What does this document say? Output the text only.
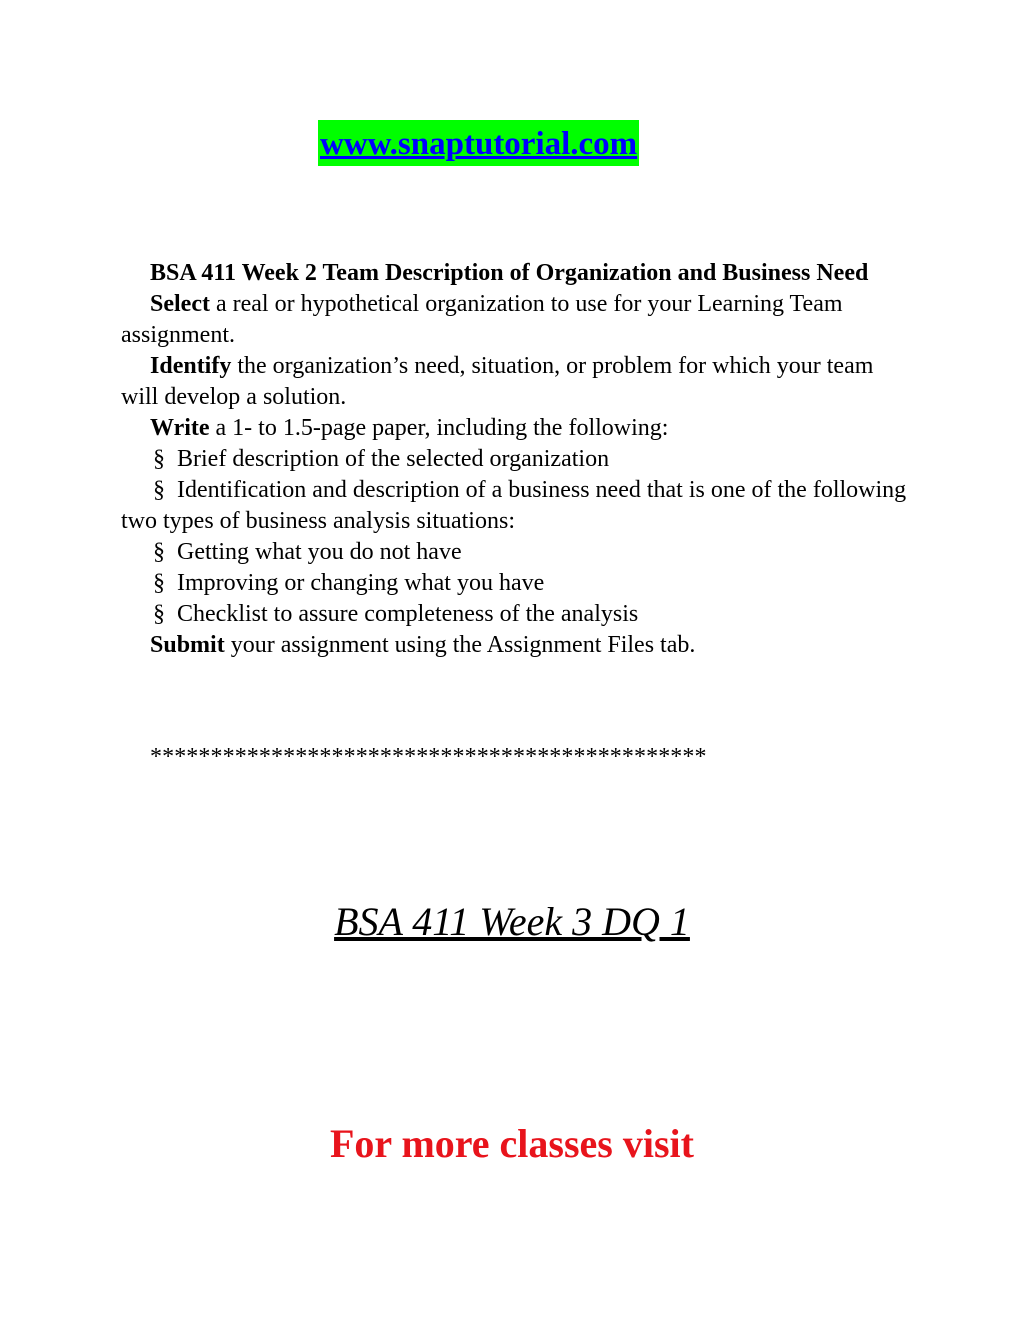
www.snaptutorial.com

BSA 411 Week 2 Team Description of Organization and Business Need

Select a real or hypothetical organization to use for your Learning Team assignment.

Identify the organization’s need, situation, or problem for which your team will develop a solution.

Write a 1- to 1.5-page paper, including the following:

§ Brief description of the selected organization

§ Identification and description of a business need that is one of the following two types of business analysis situations:

§ Getting what you do not have

§ Improving or changing what you have

§ Checklist to assure completeness of the analysis

Submit your assignment using the Assignment Files tab.

**********************************************
BSA 411 Week 3 DQ 1
For more classes visit
